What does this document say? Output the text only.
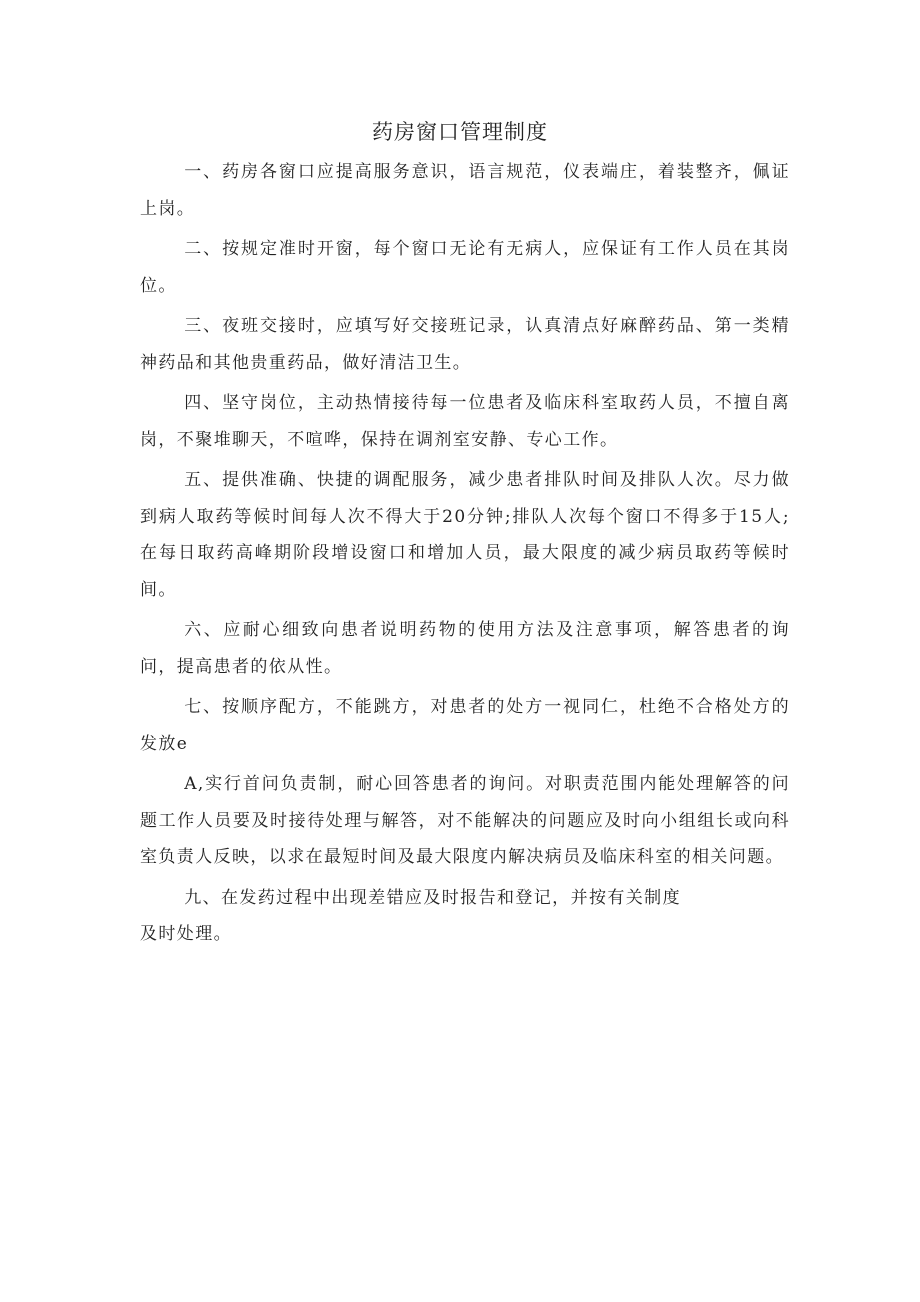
药房窗口管理制度

一、药房各窗口应提高服务意识，语言规范，仪表端庄，着装整齐，佩证上岗。

二、按规定准时开窗，每个窗口无论有无病人，应保证有工作人员在其岗位。

三、夜班交接时，应填写好交接班记录，认真清点好麻醉药品、第一类精神药品和其他贵重药品，做好清洁卫生。

四、坚守岗位，主动热情接待每一位患者及临床科室取药人员，不擅自离岗，不聚堆聊天，不喧哗，保持在调剂室安静、专心工作。

五、提供准确、快捷的调配服务，减少患者排队时间及排队人次。尽力做到病人取药等候时间每人次不得大于20分钟;排队人次每个窗口不得多于15人;在每日取药高峰期阶段增设窗口和增加人员，最大限度的减少病员取药等候时间。

六、应耐心细致向患者说明药物的使用方法及注意事项，解答患者的询问，提高患者的依从性。

七、按顺序配方，不能跳方，对患者的处方一视同仁，杜绝不合格处方的发放e

A,实行首问负责制，耐心回答患者的询问。对职责范围内能处理解答的问题工作人员要及时接待处理与解答，对不能解决的问题应及时向小组组长或向科室负责人反映，以求在最短时间及最大限度内解决病员及临床科室的相关问题。

九、在发药过程中出现差错应及时报告和登记，并按有关制度

及时处理。
